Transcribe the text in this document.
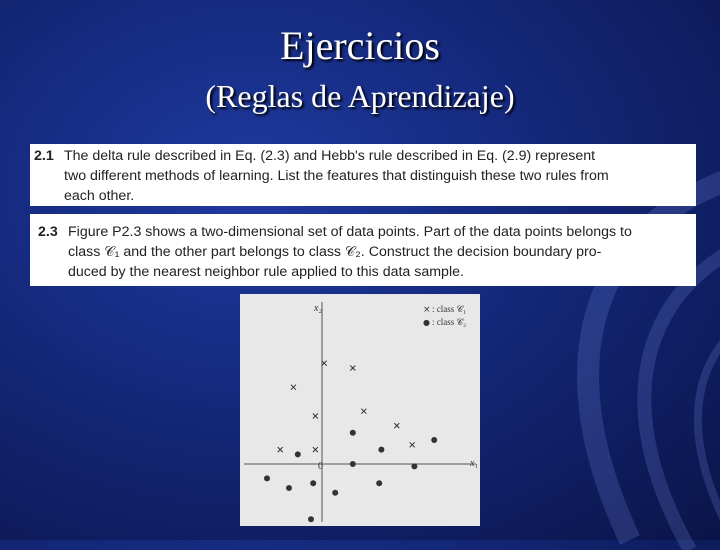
Ejercicios
(Reglas de Aprendizaje)
2.1 The delta rule described in Eq. (2.3) and Hebb's rule described in Eq. (2.9) represent
two different methods of learning. List the features that distinguish these two rules from
each other.
2.3 Figure P2.3 shows a two-dimensional set of data points. Part of the data points belongs to
class 𝒞₁ and the other part belongs to class 𝒞₂. Construct the decision boundary pro-
duced by the nearest neighbor rule applied to this data sample.
x₂
x₁
0
× : class 𝒞₁
● : class 𝒞₂
